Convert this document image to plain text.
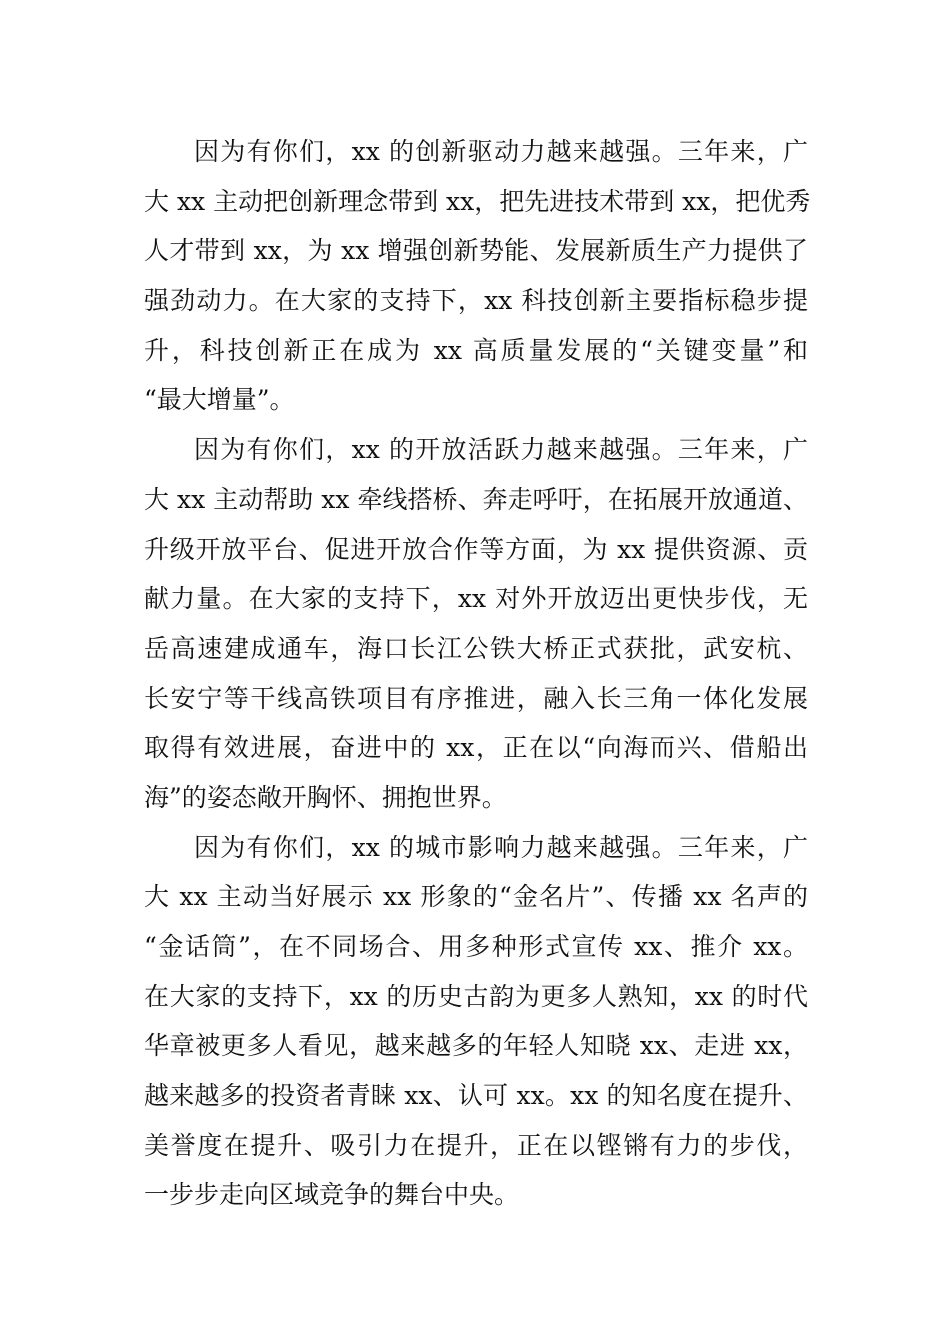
因为有你们，xx 的创新驱动力越来越强。三年来，广
大 xx 主动把创新理念带到 xx，把先进技术带到 xx，把优秀
人才带到 xx，为 xx 增强创新势能、发展新质生产力提供了
强劲动力。在大家的支持下，xx 科技创新主要指标稳步提
升，科技创新正在成为 xx 高质量发展的“关键变量”和
“最大增量”。
因为有你们，xx 的开放活跃力越来越强。三年来，广
大 xx 主动帮助 xx 牵线搭桥、奔走呼吁，在拓展开放通道、
升级开放平台、促进开放合作等方面，为 xx 提供资源、贡
献力量。在大家的支持下，xx 对外开放迈出更快步伐，无
岳高速建成通车，海口长江公铁大桥正式获批，武安杭、
长安宁等干线高铁项目有序推进，融入长三角一体化发展
取得有效进展，奋进中的 xx，正在以“向海而兴、借船出
海”的姿态敞开胸怀、拥抱世界。
因为有你们，xx 的城市影响力越来越强。三年来，广
大 xx 主动当好展示 xx 形象的“金名片”、传播 xx 名声的
“金话筒”，在不同场合、用多种形式宣传 xx、推介 xx。
在大家的支持下，xx 的历史古韵为更多人熟知，xx 的时代
华章被更多人看见，越来越多的年轻人知晓 xx、走进 xx，
越来越多的投资者青睐 xx、认可 xx。xx 的知名度在提升、
美誉度在提升、吸引力在提升，正在以铿锵有力的步伐，
一步步走向区域竞争的舞台中央。
